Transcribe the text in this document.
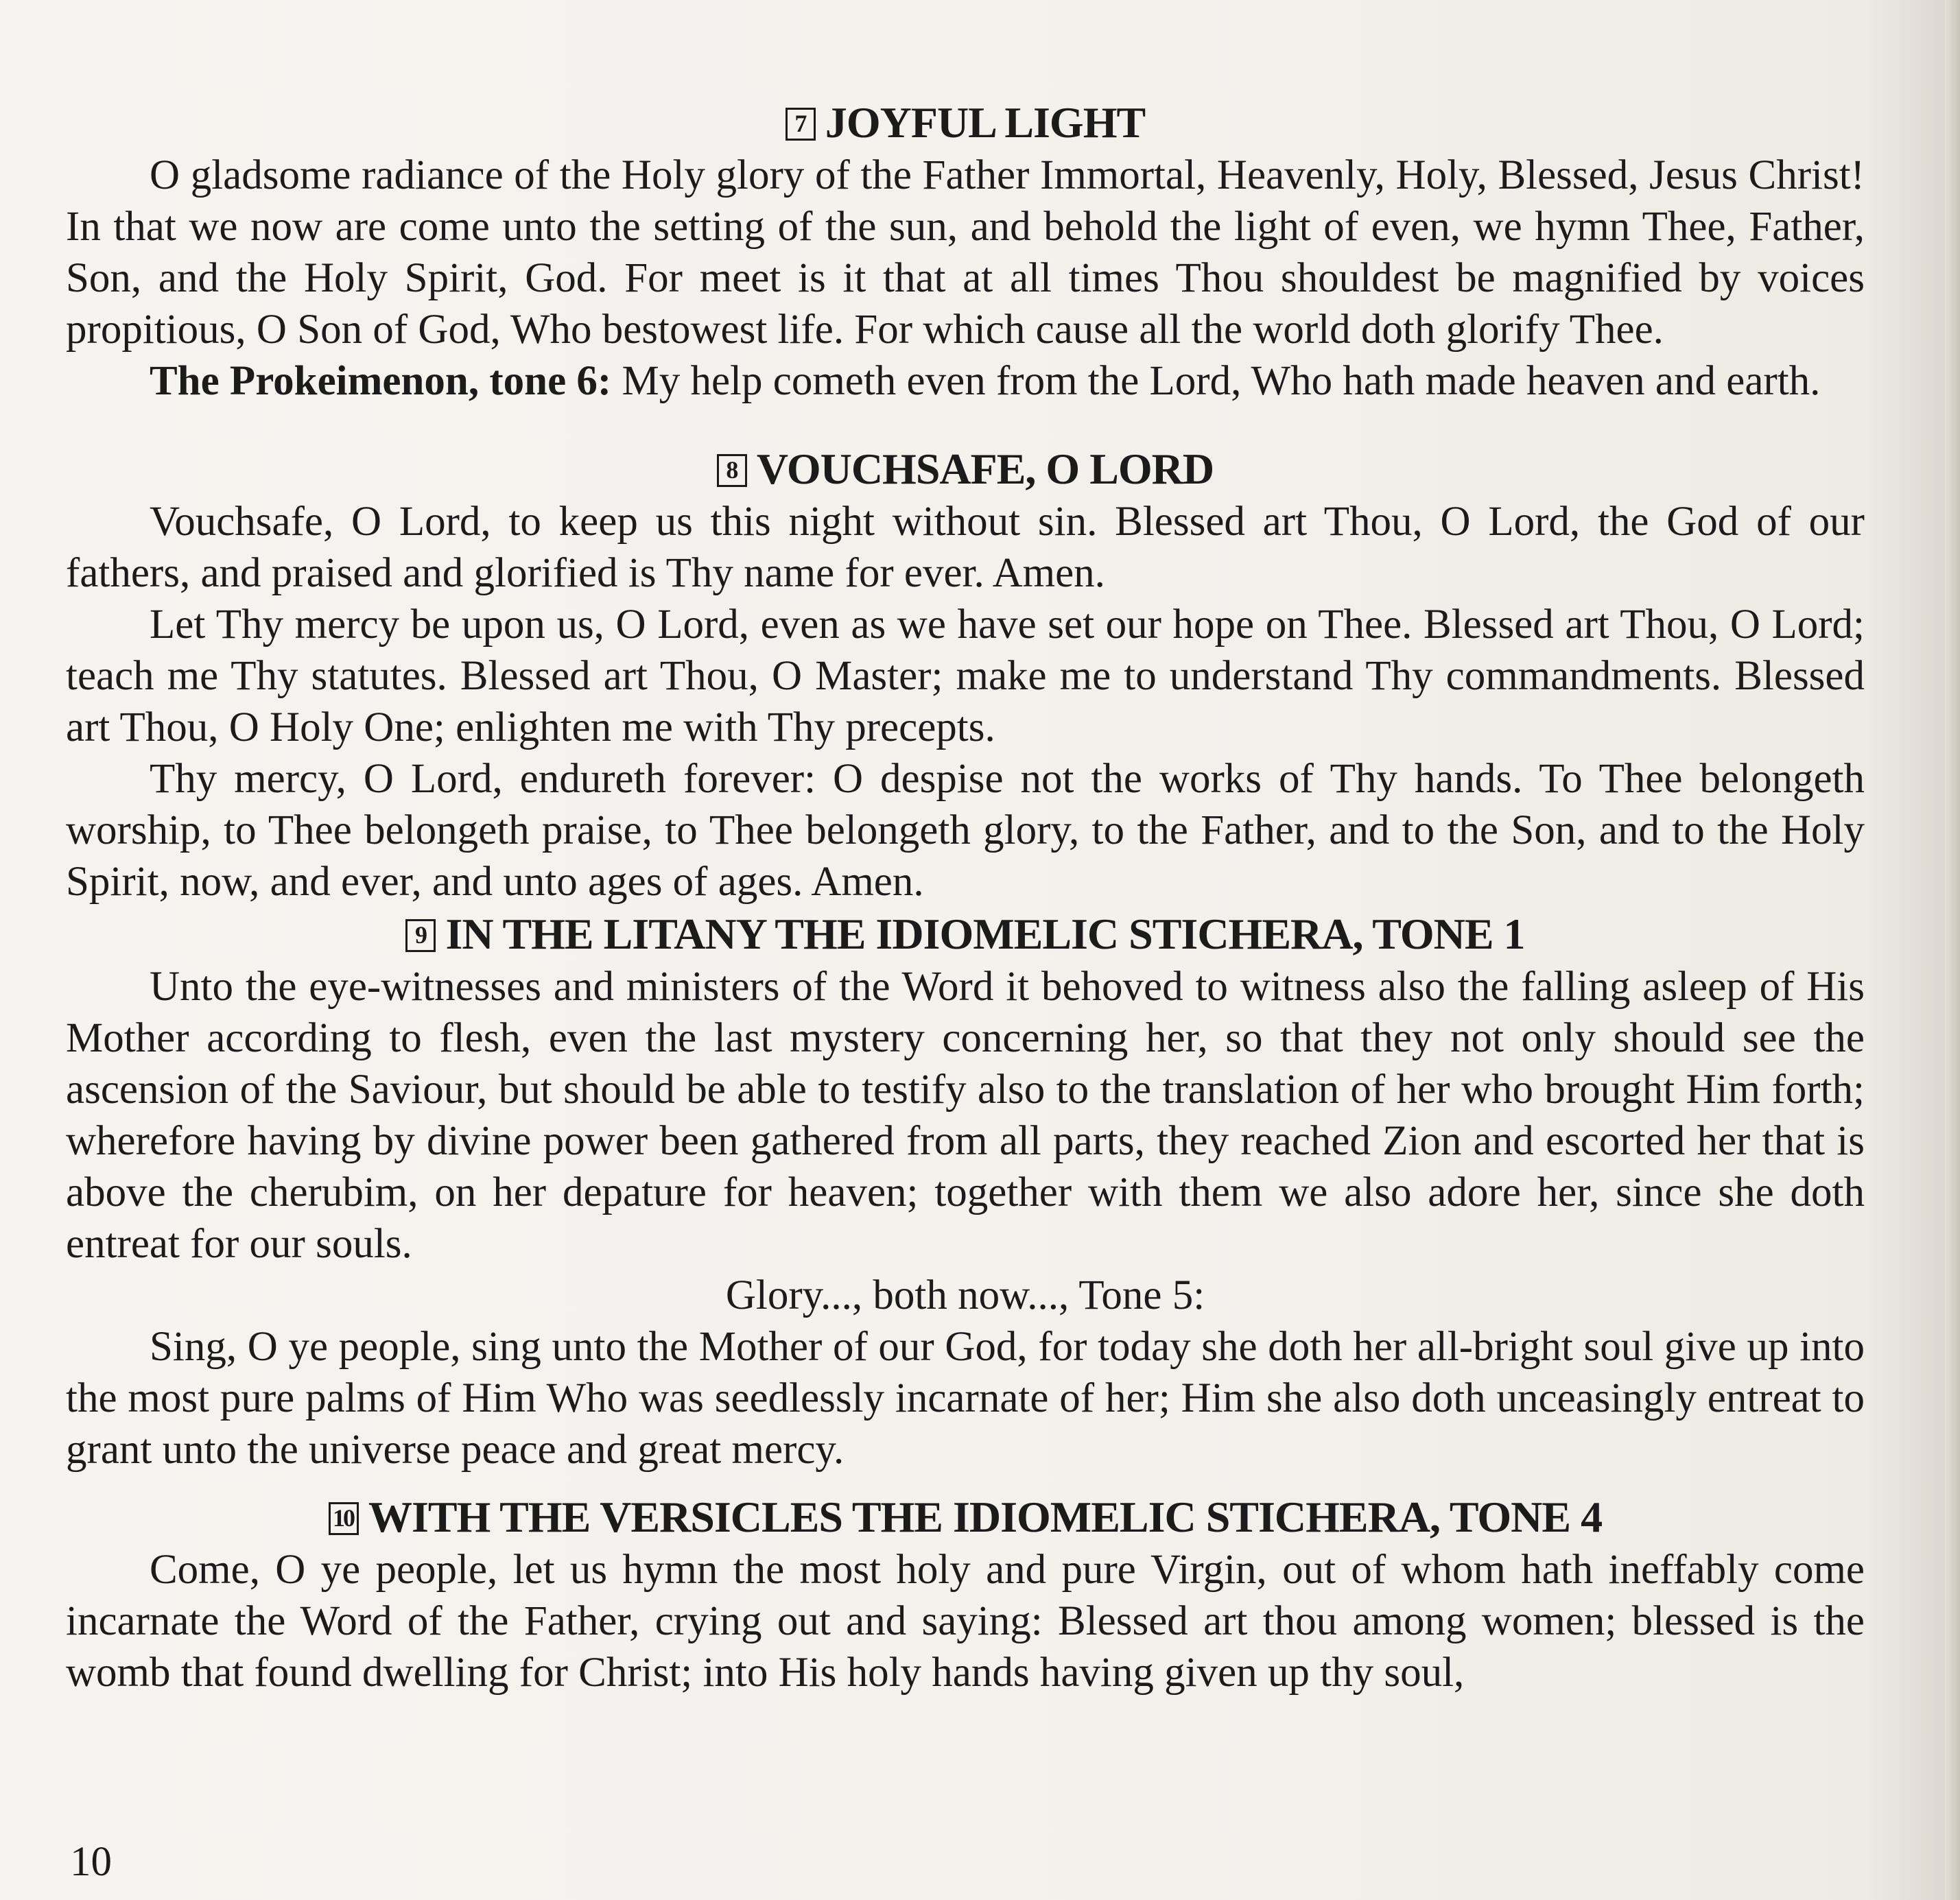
7 JOYFUL LIGHT

O gladsome radiance of the Holy glory of the Father Immortal, Heavenly, Holy, Blessed, Jesus Christ! In that we now are come unto the setting of the sun, and behold the light of even, we hymn Thee, Father, Son, and the Holy Spirit, God. For meet is it that at all times Thou shouldest be magnified by voices propitious, O Son of God, Who bestowest life. For which cause all the world doth glorify Thee.

The Prokeimenon, tone 6: My help cometh even from the Lord, Who hath made heaven and earth.

8 VOUCHSAFE, O LORD

Vouchsafe, O Lord, to keep us this night without sin. Blessed art Thou, O Lord, the God of our fathers, and praised and glorified is Thy name for ever. Amen.

Let Thy mercy be upon us, O Lord, even as we have set our hope on Thee. Blessed art Thou, O Lord; teach me Thy statutes. Blessed art Thou, O Master; make me to understand Thy commandments. Blessed art Thou, O Holy One; enlighten me with Thy precepts.

Thy mercy, O Lord, endureth forever: O despise not the works of Thy hands. To Thee belongeth worship, to Thee belongeth praise, to Thee belongeth glory, to the Father, and to the Son, and to the Holy Spirit, now, and ever, and unto ages of ages. Amen.

9 IN THE LITANY THE IDIOMELIC STICHERA, TONE 1

Unto the eye-witnesses and ministers of the Word it behoved to witness also the falling asleep of His Mother according to flesh, even the last mystery concerning her, so that they not only should see the ascension of the Saviour, but should be able to testify also to the translation of her who brought Him forth; wherefore having by divine power been gathered from all parts, they reached Zion and escorted her that is above the cherubim, on her depature for heaven; together with them we also adore her, since she doth entreat for our souls.

Glory..., both now..., Tone 5:

Sing, O ye people, sing unto the Mother of our God, for today she doth her all-bright soul give up into the most pure palms of Him Who was seedlessly incarnate of her; Him she also doth unceasingly entreat to grant unto the universe peace and great mercy.

10 WITH THE VERSICLES THE IDIOMELIC STICHERA, TONE 4

Come, O ye people, let us hymn the most holy and pure Virgin, out of whom hath ineffably come incarnate the Word of the Father, crying out and saying: Blessed art thou among women; blessed is the womb that found dwelling for Christ; into His holy hands having given up thy soul,

10
